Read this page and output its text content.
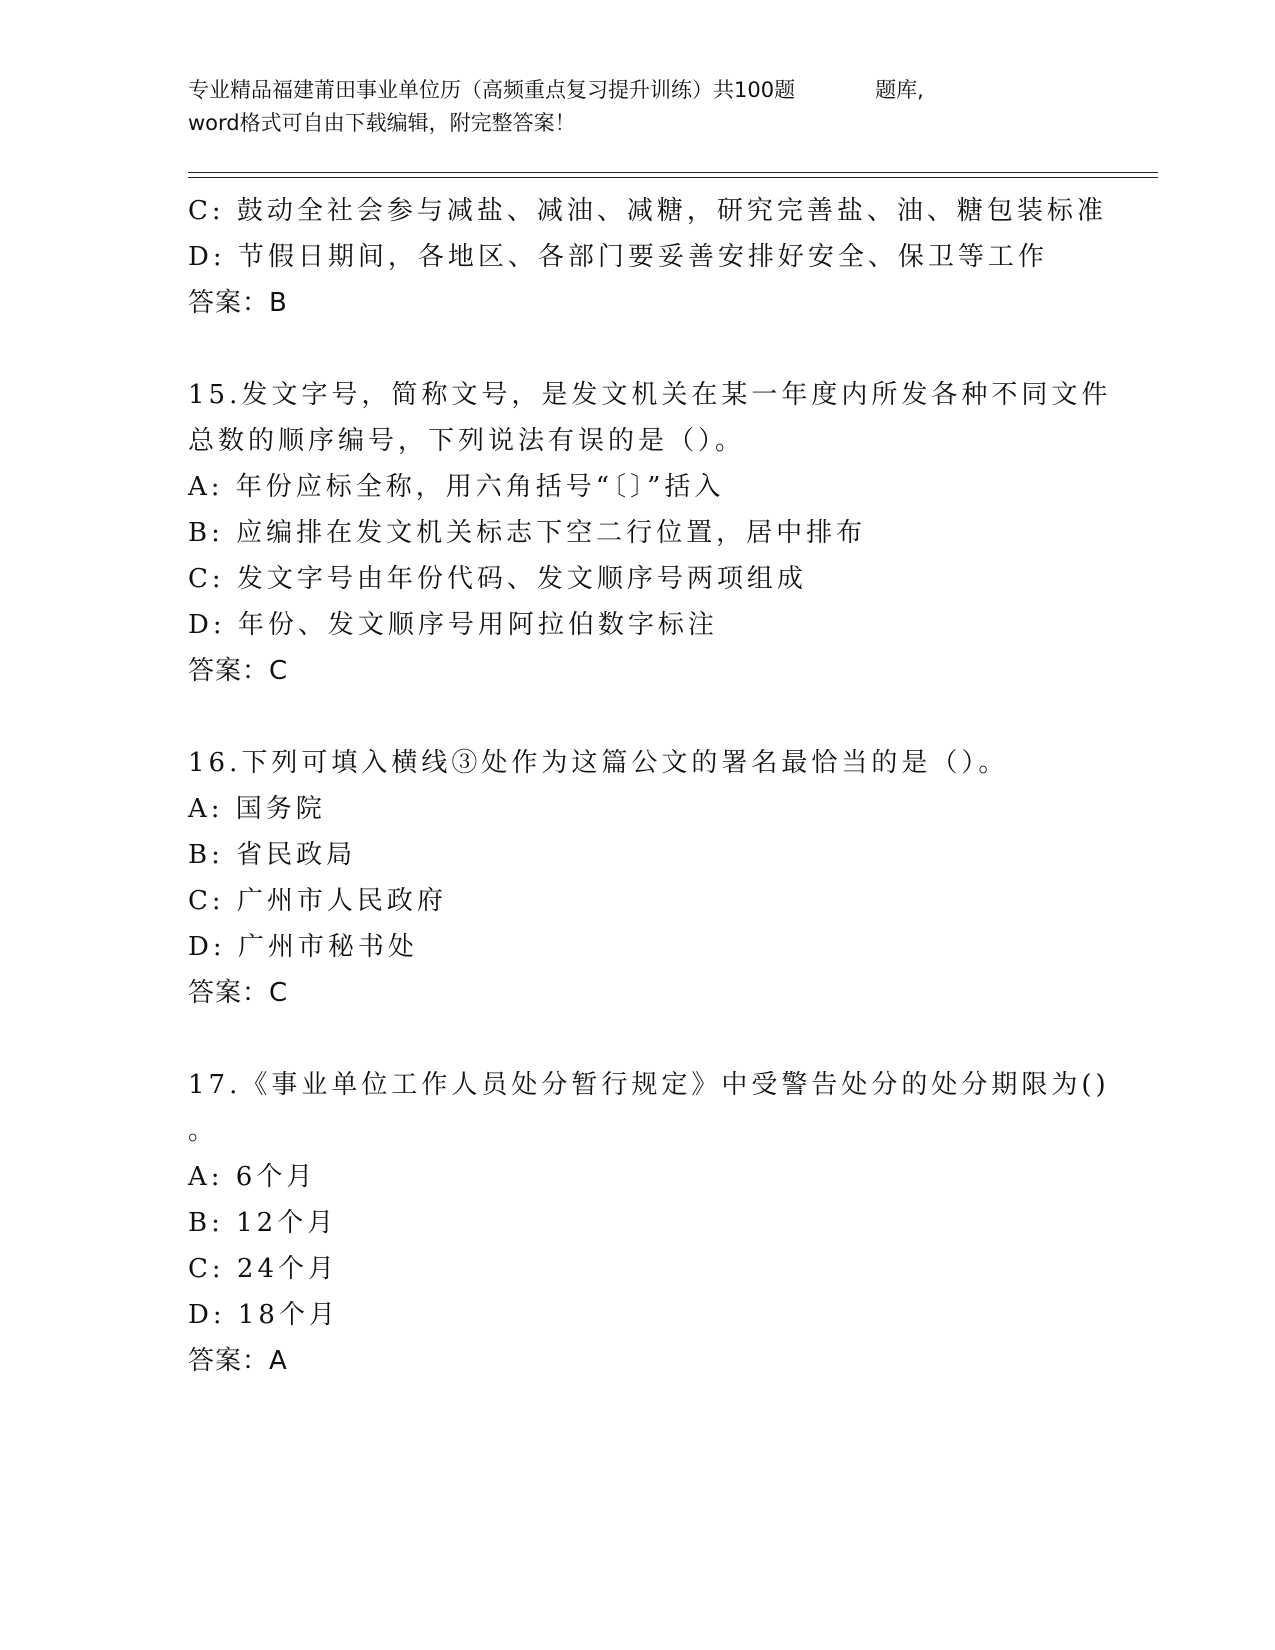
专业精品福建莆田事业单位历（高频重点复习提升训练）共100题	题库,
word格式可自由下载编辑，附完整答案！
C: 鼓动全社会参与减盐、减油、减糖，研究完善盐、油、糖包装标准
D: 节假日期间，各地区、各部门要妥善安排好安全、保卫等工作
答案：B
15.发文字号，简称文号，是发文机关在某一年度内所发各种不同文件
总数的顺序编号，下列说法有误的是（）。
A: 年份应标全称，用六角括号“〔〕”括入
B: 应编排在发文机关标志下空二行位置，居中排布
C: 发文字号由年份代码、发文顺序号两项组成
D: 年份、发文顺序号用阿拉伯数字标注
答案：C
16.下列可填入横线③处作为这篇公文的署名最恰当的是（）。
A: 国务院
B: 省民政局
C: 广州市人民政府
D: 广州市秘书处
答案：C
17.《事业单位工作人员处分暂行规定》中受警告处分的处分期限为()
。
A: 6个月
B: 12个月
C: 24个月
D: 18个月
答案：A
